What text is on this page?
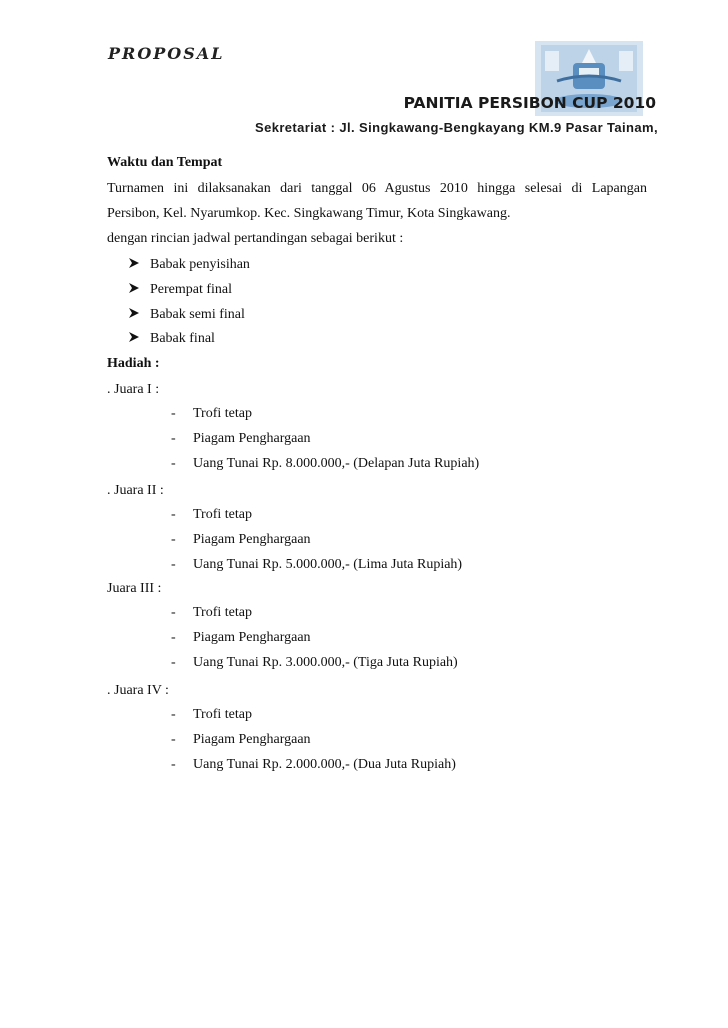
PROPOSAL
PANITIA PERSIBON CUP 2010
Sekretariat : Jl. Singkawang-Bengkayang KM.9 Pasar Tainam,
Waktu dan Tempat
Turnamen ini dilaksanakan dari tanggal 06 Agustus 2010 hingga selesai di Lapangan
Persibon, Kel. Nyarumkop. Kec. Singkawang Timur, Kota Singkawang.
dengan rincian jadwal pertandingan sebagai berikut :
Babak penyisihan
Perempat final
Babak semi final
Babak final
Hadiah :
. Juara I :
- Trofi tetap
- Piagam Penghargaan
- Uang Tunai Rp. 8.000.000,- (Delapan Juta Rupiah)
. Juara II :
- Trofi tetap
- Piagam Penghargaan
- Uang Tunai Rp. 5.000.000,- (Lima Juta Rupiah)
Juara III :
- Trofi tetap
- Piagam Penghargaan
- Uang Tunai Rp. 3.000.000,- (Tiga Juta Rupiah)
. Juara IV :
- Trofi tetap
- Piagam Penghargaan
- Uang Tunai Rp. 2.000.000,- (Dua Juta Rupiah)
